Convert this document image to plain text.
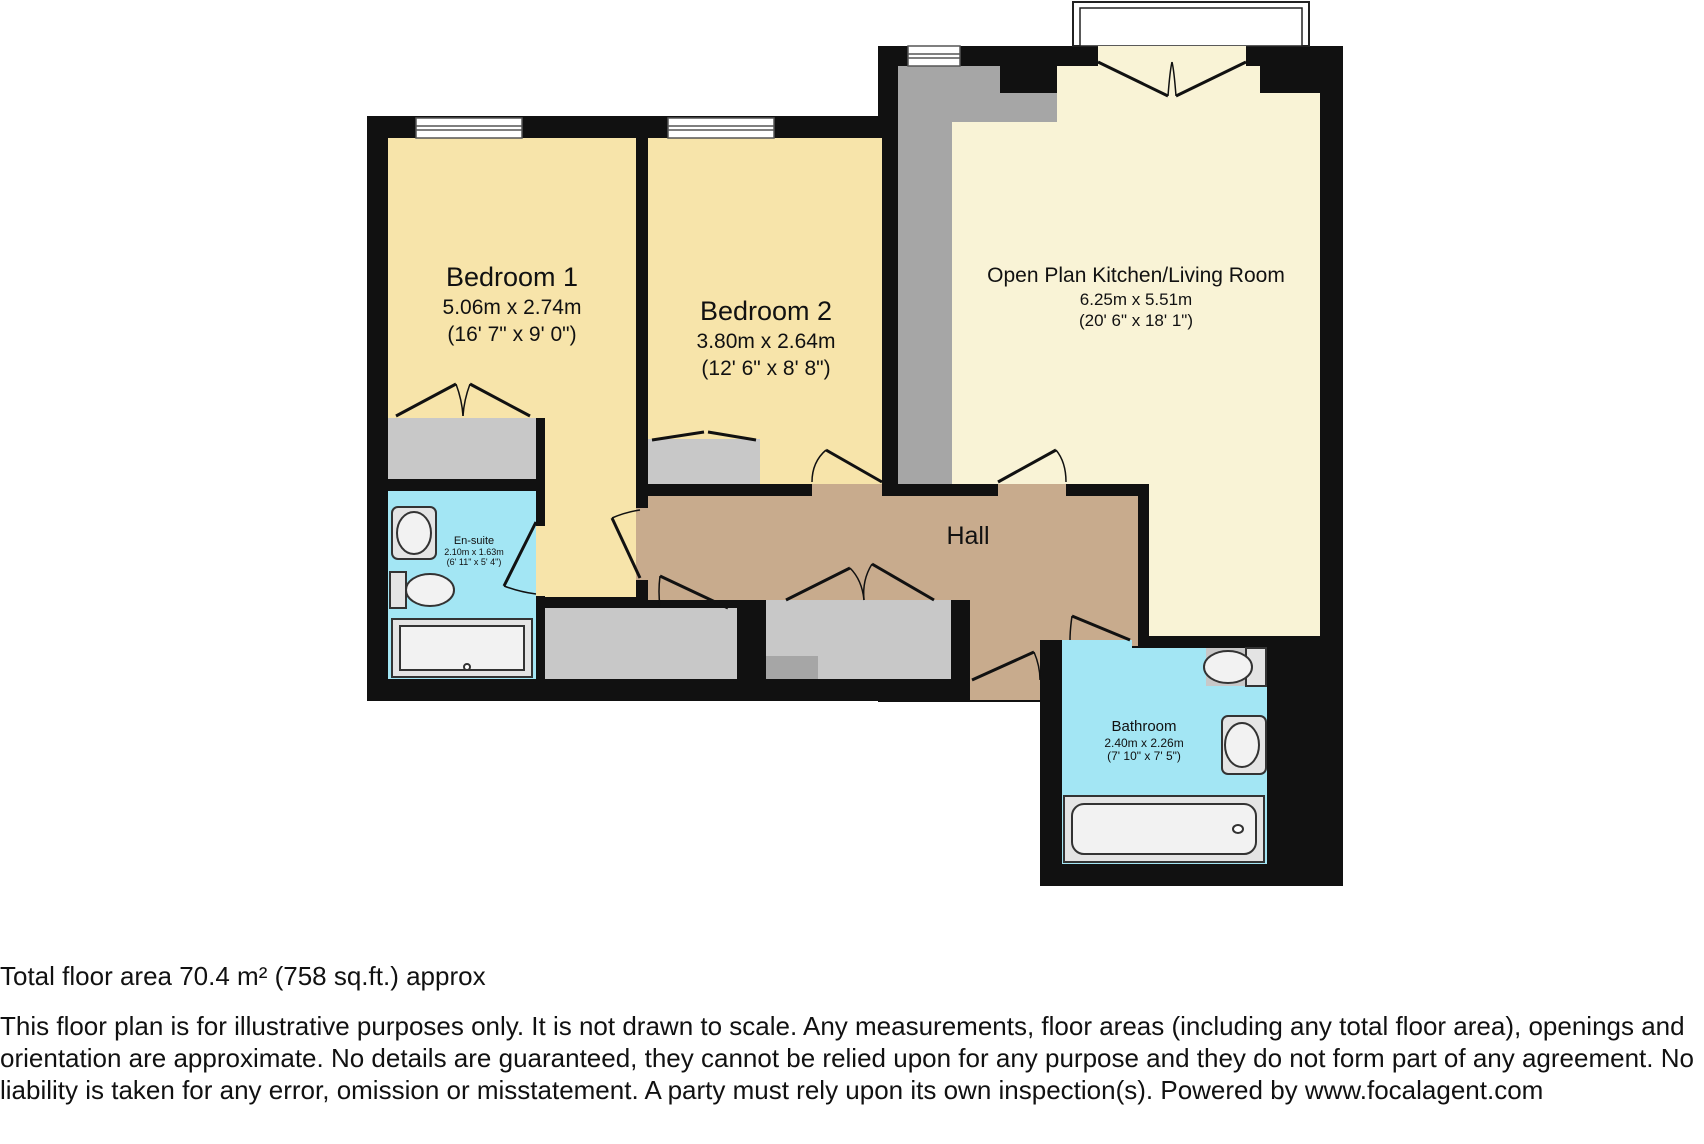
Bedroom 1
5.06m x 2.74m
(16' 7" x 9' 0")
Bedroom 2
3.80m x 2.64m
(12' 6" x 8' 8")
Open Plan Kitchen/Living Room
6.25m x 5.51m
(20' 6" x 18' 1")
Hall
En-suite
2.10m x 1.63m
(6' 11" x 5' 4")
Bathroom
2.40m x 2.26m
(7' 10" x 7' 5")
Total floor area 70.4 m² (758 sq.ft.) approx
This floor plan is for illustrative purposes only. It is not drawn to scale. Any measurements, floor areas (including any total floor area), openings and orientation are approximate. No details are guaranteed, they cannot be relied upon for any purpose and they do not form part of any agreement. No liability is taken for any error, omission or misstatement. A party must rely upon its own inspection(s). Powered by www.focalagent.com
